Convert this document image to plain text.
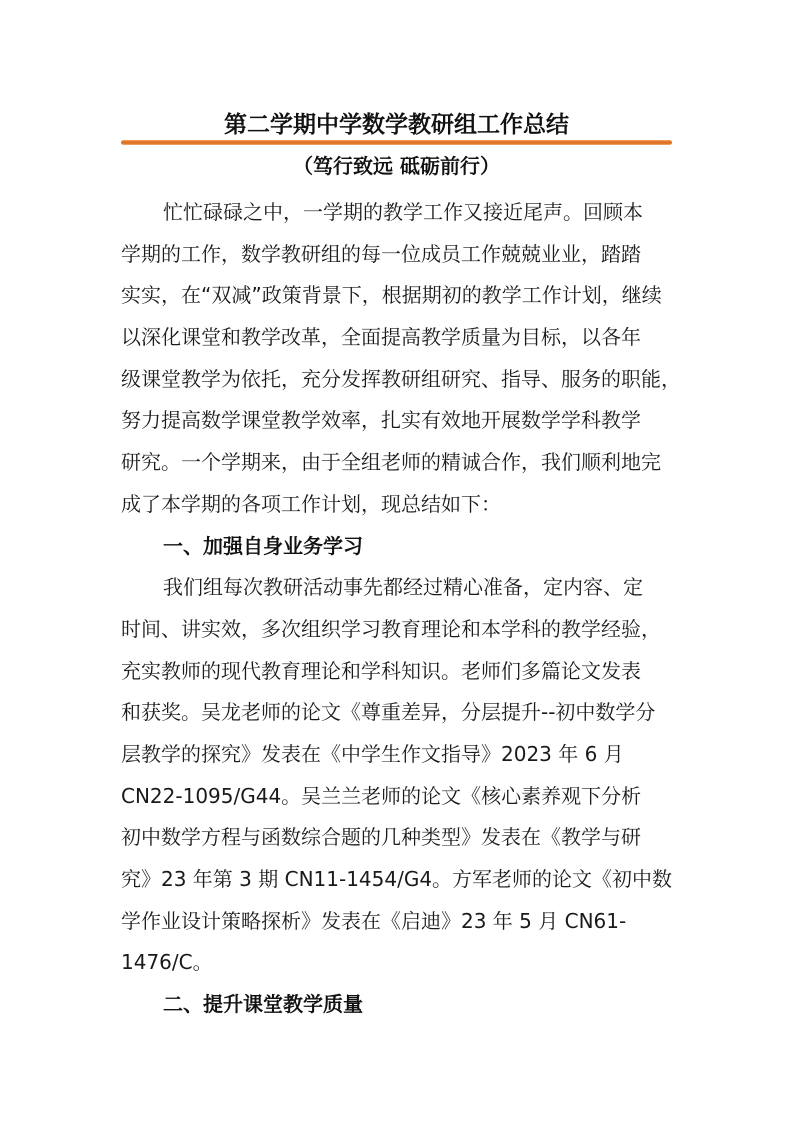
第二学期中学数学教研组工作总结
（笃行致远 砥砺前行）
忙忙碌碌之中，一学期的教学工作又接近尾声。回顾本
学期的工作，数学教研组的每一位成员工作兢兢业业，踏踏
实实，在“双减”政策背景下，根据期初的教学工作计划，继续
以深化课堂和教学改革，全面提高教学质量为目标，以各年
级课堂教学为依托，充分发挥教研组研究、指导、服务的职能，
努力提高数学课堂教学效率，扎实有效地开展数学学科教学
研究。一个学期来，由于全组老师的精诚合作，我们顺利地完
成了本学期的各项工作计划，现总结如下：
一、加强自身业务学习
我们组每次教研活动事先都经过精心准备，定内容、定
时间、讲实效，多次组织学习教育理论和本学科的教学经验，
充实教师的现代教育理论和学科知识。老师们多篇论文发表
和获奖。吴龙老师的论文《尊重差异，分层提升--初中数学分
层教学的探究》发表在《中学生作文指导》2023 年 6 月
CN22-1095/G44。吴兰兰老师的论文《核心素养观下分析
初中数学方程与函数综合题的几种类型》发表在《教学与研
究》23 年第 3 期 CN11-1454/G4。方军老师的论文《初中数
学作业设计策略探析》发表在《启迪》23 年 5 月 CN61-
1476/C。
二、提升课堂教学质量
